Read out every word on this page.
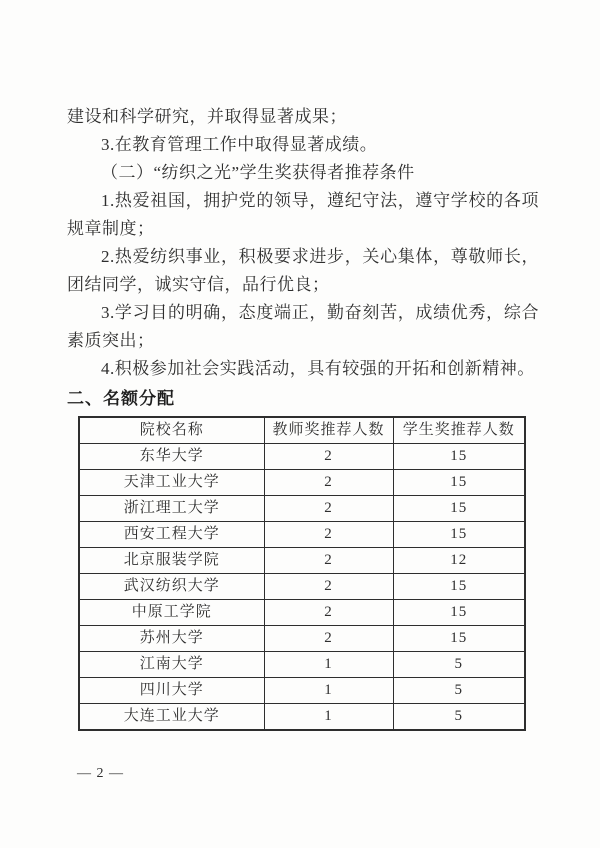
建设和科学研究，并取得显著成果；

3.在教育管理工作中取得显著成绩。

（二）“纺织之光”学生奖获得者推荐条件

1.热爱祖国，拥护党的领导，遵纪守法，遵守学校的各项规章制度；

2.热爱纺织事业，积极要求进步，关心集体，尊敬师长，团结同学，诚实守信，品行优良；

3.学习目的明确，态度端正，勤奋刻苦，成绩优秀，综合素质突出；

4.积极参加社会实践活动，具有较强的开拓和创新精神。

二、名额分配
院校名称	教师奖推荐人数	学生奖推荐人数
东华大学	2	15
天津工业大学	2	15
浙江理工大学	2	15
西安工程大学	2	15
北京服装学院	2	12
武汉纺织大学	2	15
中原工学院	2	15
苏州大学	2	15
江南大学	1	5
四川大学	1	5
大连工业大学	1	5
— 2 —
